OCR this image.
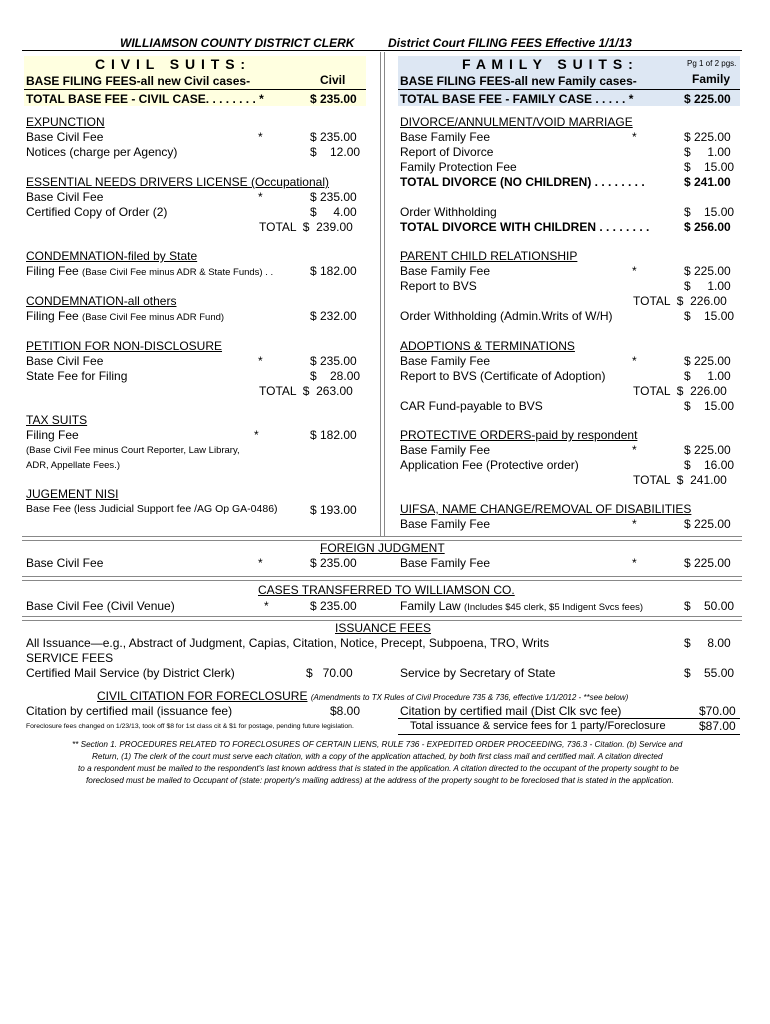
WILLIAMSON COUNTY DISTRICT CLERK	District Court FILING FEES Effective 1/1/13
C I V I L   S U I T S :
BASE FILING FEES-all new Civil cases-	Civil
TOTAL BASE FEE - CIVIL CASE. . . . . . . . *	$ 235.00
F A M I L Y   S U I T S :	Pg 1 of 2 pgs.
BASE FILING FEES-all new Family cases-	Family
TOTAL BASE FEE - FAMILY CASE . . . . . *	$ 225.00
EXPUNCTION
Base Civil Fee	*	$ 235.00
Notices (charge per Agency)	$    12.00
ESSENTIAL NEEDS DRIVERS LICENSE (Occupational)
Base Civil Fee	*	$ 235.00
Certified Copy of Order (2)	$     4.00
TOTAL  $  239.00
CONDEMNATION-filed by State
Filing Fee (Base Civil Fee minus ADR & State Funds) . .	$ 182.00
CONDEMNATION-all others
Filing Fee (Base Civil Fee minus ADR Fund)	$ 232.00
PETITION FOR NON-DISCLOSURE
Base Civil Fee	*	$ 235.00
State Fee for Filing	$    28.00
TOTAL  $  263.00
TAX SUITS
Filing Fee	*	$ 182.00
(Base Civil Fee minus Court Reporter, Law Library,
ADR, Appellate Fees.)
JUGEMENT NISI
Base Fee (less Judicial Support fee /AG Op GA-0486)	$ 193.00
DIVORCE/ANNULMENT/VOID MARRIAGE
Base Family Fee	*	$ 225.00
Report of Divorce	$     1.00
Family Protection Fee	$    15.00
TOTAL DIVORCE (NO CHILDREN) . . . . . . . .	$ 241.00
Order Withholding	$    15.00
TOTAL DIVORCE WITH CHILDREN . . . . . . . .	$ 256.00
PARENT CHILD RELATIONSHIP
Base Family Fee	*	$ 225.00
Report to BVS	$     1.00
TOTAL  $  226.00
Order Withholding (Admin.Writs of W/H)	$    15.00
ADOPTIONS & TERMINATIONS
Base Family Fee	*	$ 225.00
Report to BVS (Certificate of Adoption)	$     1.00
TOTAL  $  226.00
CAR Fund-payable to BVS	$    15.00
PROTECTIVE ORDERS-paid by respondent
Base Family Fee	*	$ 225.00
Application Fee (Protective order)	$    16.00
TOTAL  $  241.00
UIFSA, NAME CHANGE/REMOVAL OF DISABILITIES
Base Family Fee	*	$ 225.00
FOREIGN JUDGMENT
Base Civil Fee	*	$ 235.00	Base Family Fee	*	$ 225.00
CASES TRANSFERRED TO WILLIAMSON CO.
Base Civil Fee (Civil Venue)	*	$ 235.00	Family Law (Includes $45 clerk, $5 Indigent Svcs fees)	$    50.00
ISSUANCE FEES
All Issuance—e.g., Abstract of Judgment, Capias, Citation, Notice, Precept, Subpoena, TRO, Writs	$     8.00
SERVICE FEES
Certified Mail Service (by District Clerk)	$   70.00	Service by Secretary of State	$    55.00
CIVIL CITATION FOR FORECLOSURE (Amendments to TX Rules of Civil Procedure 735 & 736, effective 1/1/2012 - **see below)
Citation by certified mail (issuance fee)	$8.00	Citation by certified mail (Dist Clk svc fee)	$70.00
Foreclosure fees changed on 1/23/13, took off $8 for 1st class cit & $1 for postage, pending future legislation.	Total issuance & service fees for 1 party/Foreclosure	$87.00
** Section 1. PROCEDURES RELATED TO FORECLOSURES OF CERTAIN LIENS, RULE 736 - EXPEDITED ORDER PROCEEDING, 736.3 - Citation. (b) Service and
Return, (1) The clerk of the court must serve each citation, with a copy of the application attached, by both first class mail and certified mail. A citation directed
to a respondent must be mailed to the respondent's last known address that is stated in the application. A citation directed to the occupant of the property sought to be
foreclosed must be mailed to Occupant of (state: property's mailing address) at the address of the property sought to be foreclosed that is stated in the application.
